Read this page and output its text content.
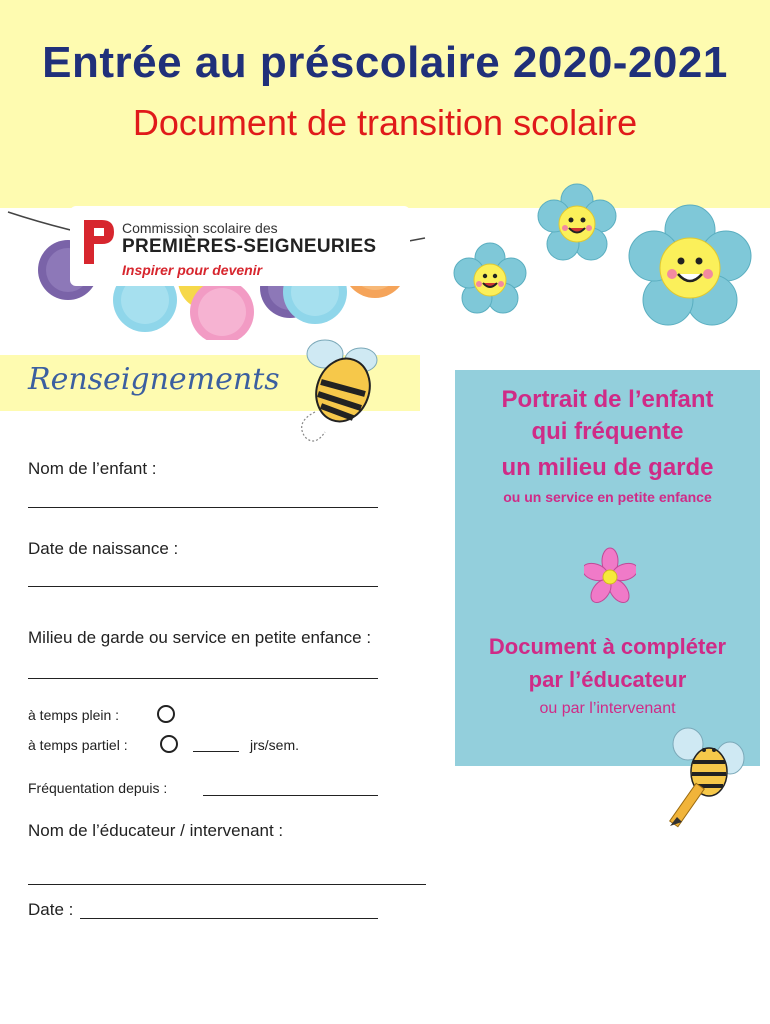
Entrée au préscolaire 2020-2021
Document de transition scolaire
Commission scolaire des
PREMIÈRES-SEIGNEURIES
Inspirer pour devenir
Renseignements
Nom de l’enfant :
Date de naissance :
Milieu de garde ou service en petite enfance :
à temps plein :
à temps partiel :	jrs/sem.
Fréquentation depuis :
Nom de l’éducateur / intervenant :
Date :
Portrait de l’enfant
qui fréquente
un milieu de garde
ou un service en petite enfance
Document à compléter
par l’éducateur
ou par l’intervenant
